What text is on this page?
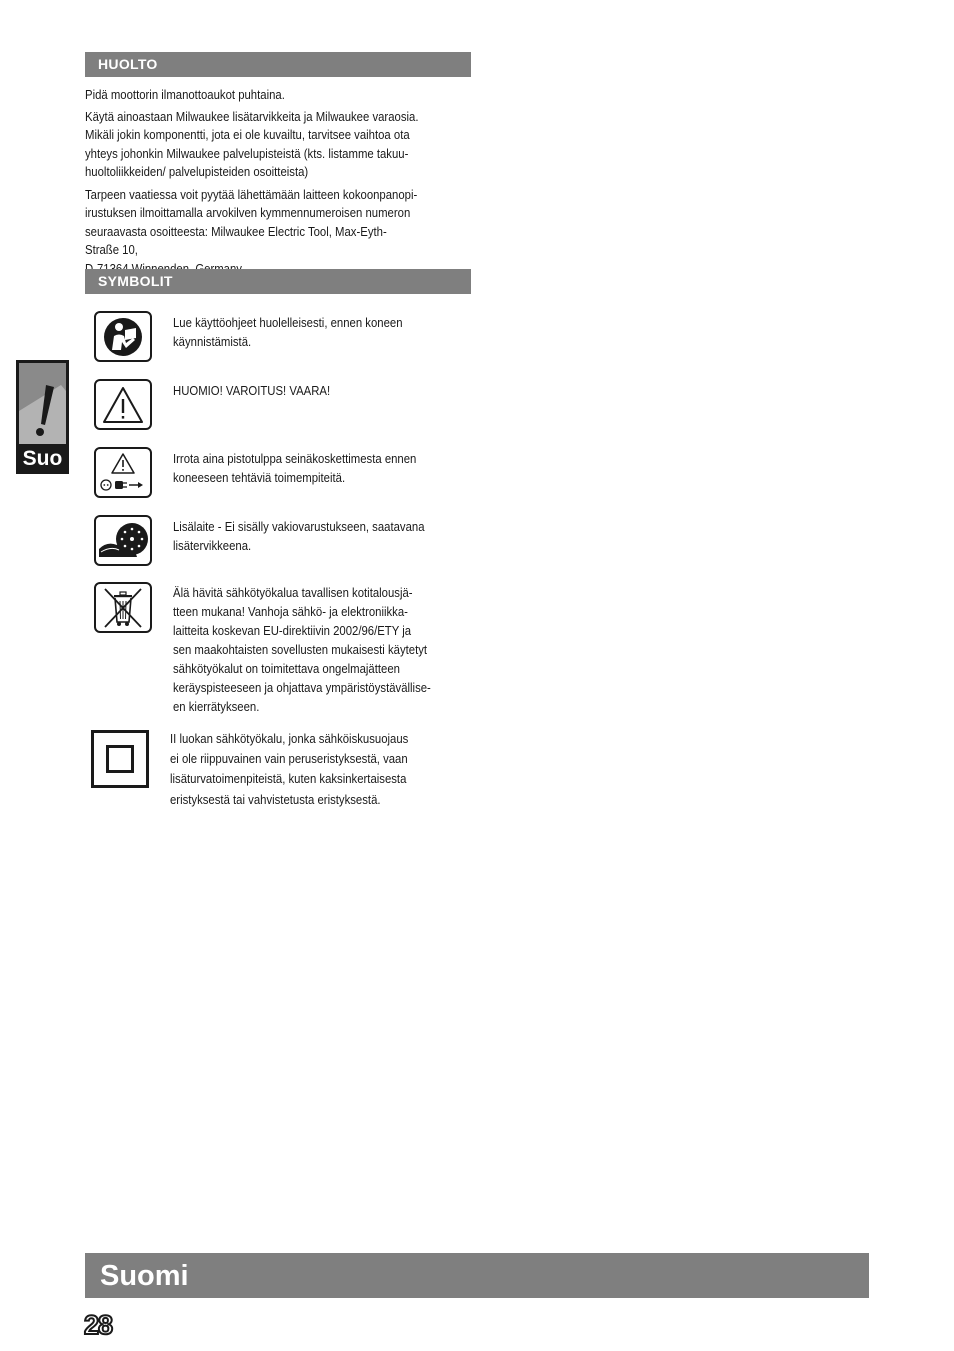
HUOLTO

Pidä moottorin ilmanottoaukot puhtaina.

Käytä ainoastaan Milwaukee lisätarvikkeita ja Milwaukee varaosia.
Mikäli jokin komponentti, jota ei ole kuvailtu, tarvitsee vaihtoa ota
yhteys johonkin Milwaukee palvelupisteistä (kts. listamme takuu-
huoltoliikkeiden/ palvelupisteiden osoitteista)

Tarpeen vaatiessa voit pyytää lähettämään laitteen kokoonpanopi-
irustuksen ilmoittamalla arvokilven kymmennumeroisen numeron
seuraavasta osoitteesta: Milwaukee Electric Tool, Max-Eyth-Straße 10,

SYMBOLIT

Lue käyttöohjeet huolelleisesti, ennen koneen
käynnistämistä.

HUOMIO! VAROITUS! VAARA!

Irrota aina pistotulppa seinäkoskettimesta ennen
koneeseen tehtäviä toimempiteitä.

Lisälaite - Ei sisälly vakiovarustukseen, saatavana
lisätervikkeena.

Älä hävitä sähkötyökalua tavallisen kotitalousjä-
tteen mukana! Vanhoja sähkö- ja elektroniikka-
laitteita koskevan EU-direktiivin 2002/96/ETY ja
sen maakohtaisten sovellusten mukaisesti käytetyt
sähkötyökalut on toimitettava ongelmajätteen
keräyspisteeseen ja ohjattava ympäristöystävällise-
en kierrätykseen.

II luokan sähkötyökalu, jonka sähköiskusuojaus
ei ole riippuvainen vain peruseristyksestä, vaan
lisäturvatoimenpiteistä, kuten kaksinkertaisesta
eristyksestä tai vahvistetusta eristyksestä.

Suo
Suomi
28
